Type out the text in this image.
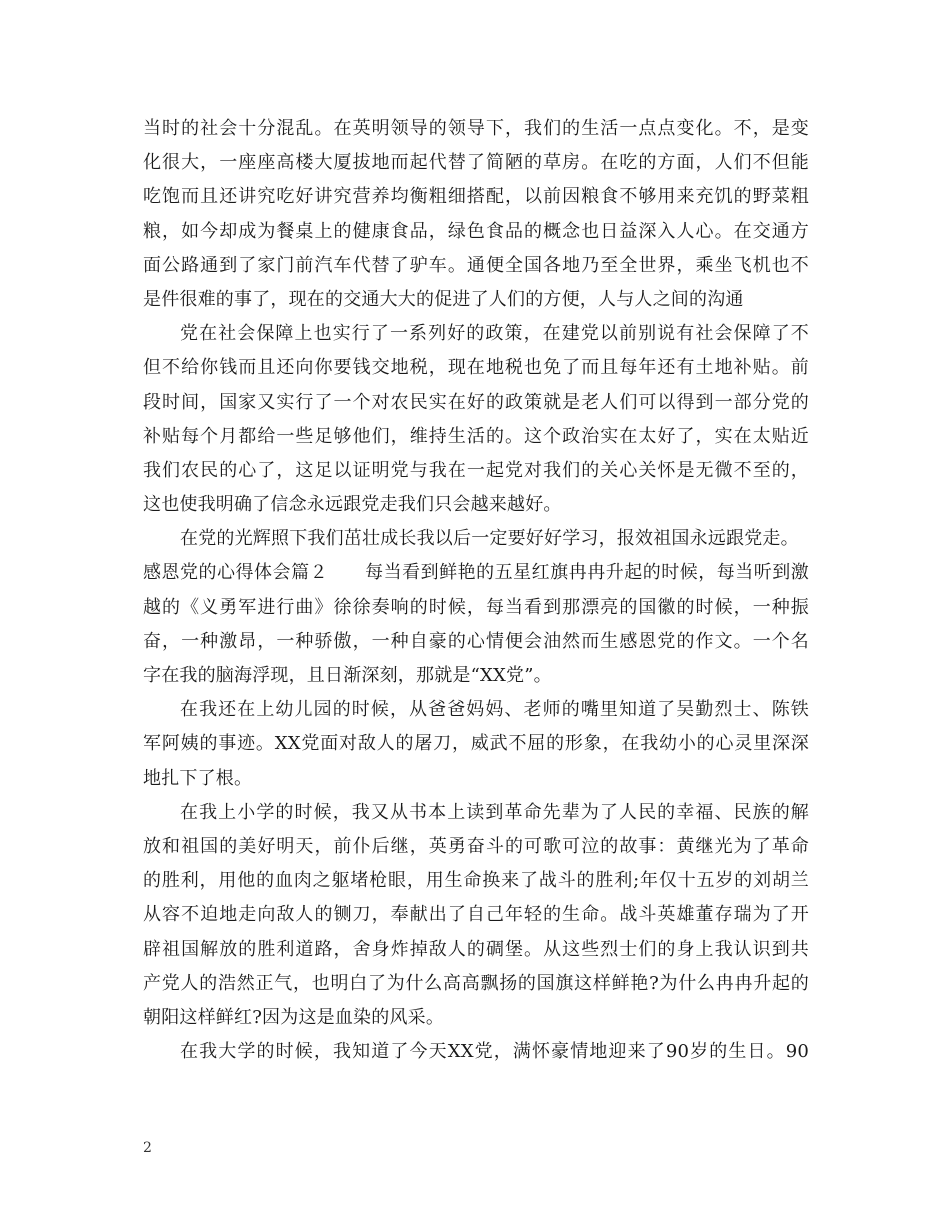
当时的社会十分混乱。在英明领导的领导下，我们的生活一点点变化。不，是变
化很大，一座座高楼大厦拔地而起代替了简陋的草房。在吃的方面，人们不但能
吃饱而且还讲究吃好讲究营养均衡粗细搭配，以前因粮食不够用来充饥的野菜粗
粮，如今却成为餐桌上的健康食品，绿色食品的概念也日益深入人心。在交通方
面公路通到了家门前汽车代替了驴车。通便全国各地乃至全世界，乘坐飞机也不
是件很难的事了，现在的交通大大的促进了人们的方便，人与人之间的沟通
党在社会保障上也实行了一系列好的政策，在建党以前别说有社会保障了不
但不给你钱而且还向你要钱交地税，现在地税也免了而且每年还有土地补贴。前
段时间，国家又实行了一个对农民实在好的政策就是老人们可以得到一部分党的
补贴每个月都给一些足够他们，维持生活的。这个政治实在太好了，实在太贴近
我们农民的心了，这足以证明党与我在一起党对我们的关心关怀是无微不至的，
这也使我明确了信念永远跟党走我们只会越来越好。
在党的光辉照下我们茁壮成长我以后一定要好好学习，报效祖国永远跟党走。
感恩党的心得体会篇２　　每当看到鲜艳的五星红旗冉冉升起的时候，每当听到激
越的《义勇军进行曲》徐徐奏响的时候，每当看到那漂亮的国徽的时候，一种振
奋，一种激昂，一种骄傲，一种自豪的心情便会油然而生感恩党的作文。一个名
字在我的脑海浮现，且日渐深刻，那就是“XX党”。
在我还在上幼儿园的时候，从爸爸妈妈、老师的嘴里知道了吴勤烈士、陈铁
军阿姨的事迹。XX党面对敌人的屠刀，威武不屈的形象，在我幼小的心灵里深深
地扎下了根。
在我上小学的时候，我又从书本上读到革命先辈为了人民的幸福、民族的解
放和祖国的美好明天，前仆后继，英勇奋斗的可歌可泣的故事：黄继光为了革命
的胜利，用他的血肉之躯堵枪眼，用生命换来了战斗的胜利;年仅十五岁的刘胡兰
从容不迫地走向敌人的铡刀，奉献出了自己年轻的生命。战斗英雄董存瑞为了开
辟祖国解放的胜利道路，舍身炸掉敌人的碉堡。从这些烈士们的身上我认识到共
产党人的浩然正气，也明白了为什么高高飘扬的国旗这样鲜艳?为什么冉冉升起的
朝阳这样鲜红?因为这是血染的风采。
在我大学的时候，我知道了今天XX党，满怀豪情地迎来了90岁的生日。90
2
